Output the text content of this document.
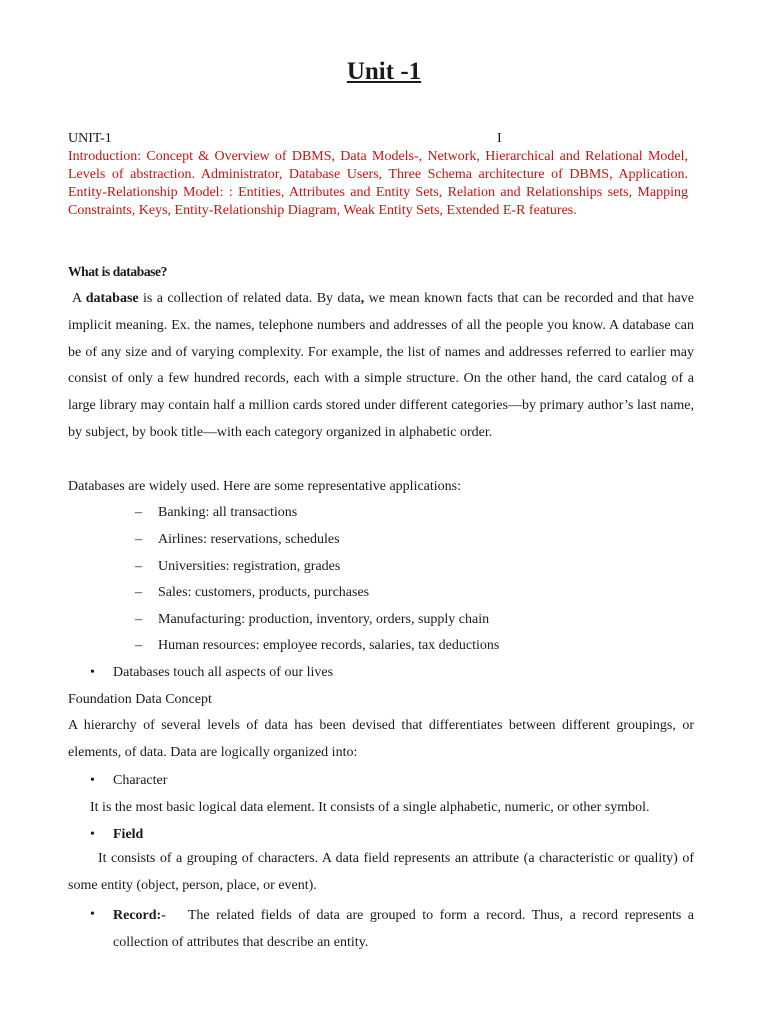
Unit -1
UNIT-1	I

Introduction: Concept & Overview of DBMS, Data Models-, Network, Hierarchical and Relational Model, Levels of abstraction. Administrator, Database Users, Three Schema architecture of DBMS, Application. Entity-Relationship Model: : Entities, Attributes and Entity Sets, Relation and Relationships sets, Mapping Constraints, Keys, Entity-Relationship Diagram, Weak Entity Sets, Extended E-R features.

What is database?

A database is a collection of related data. By data, we mean known facts that can be recorded and that have implicit meaning. Ex. the names, telephone numbers and addresses of all the people you know. A database can be of any size and of varying complexity. For example, the list of names and addresses referred to earlier may consist of only a few hundred records, each with a simple structure. On the other hand, the card catalog of a large library may contain half a million cards stored under different categories—by primary author’s last name, by subject, by book title—with each category organized in alphabetic order.

Databases are widely used. Here are some representative applications:
– Banking: all transactions
– Airlines: reservations, schedules
– Universities: registration, grades
– Sales: customers, products, purchases
– Manufacturing: production, inventory, orders, supply chain
– Human resources: employee records, salaries, tax deductions
• Databases touch all aspects of our lives
Foundation Data Concept

A hierarchy of several levels of data has been devised that differentiates between different groupings, or elements, of data. Data are logically organized into:

• Character

It is the most basic logical data element. It consists of a single alphabetic, numeric, or other symbol.

• Field

It consists of a grouping of characters. A data field represents an attribute (a characteristic or quality) of some entity (object, person, place, or event).

• Record:- The related fields of data are grouped to form a record. Thus, a record represents a collection of attributes that describe an entity.
